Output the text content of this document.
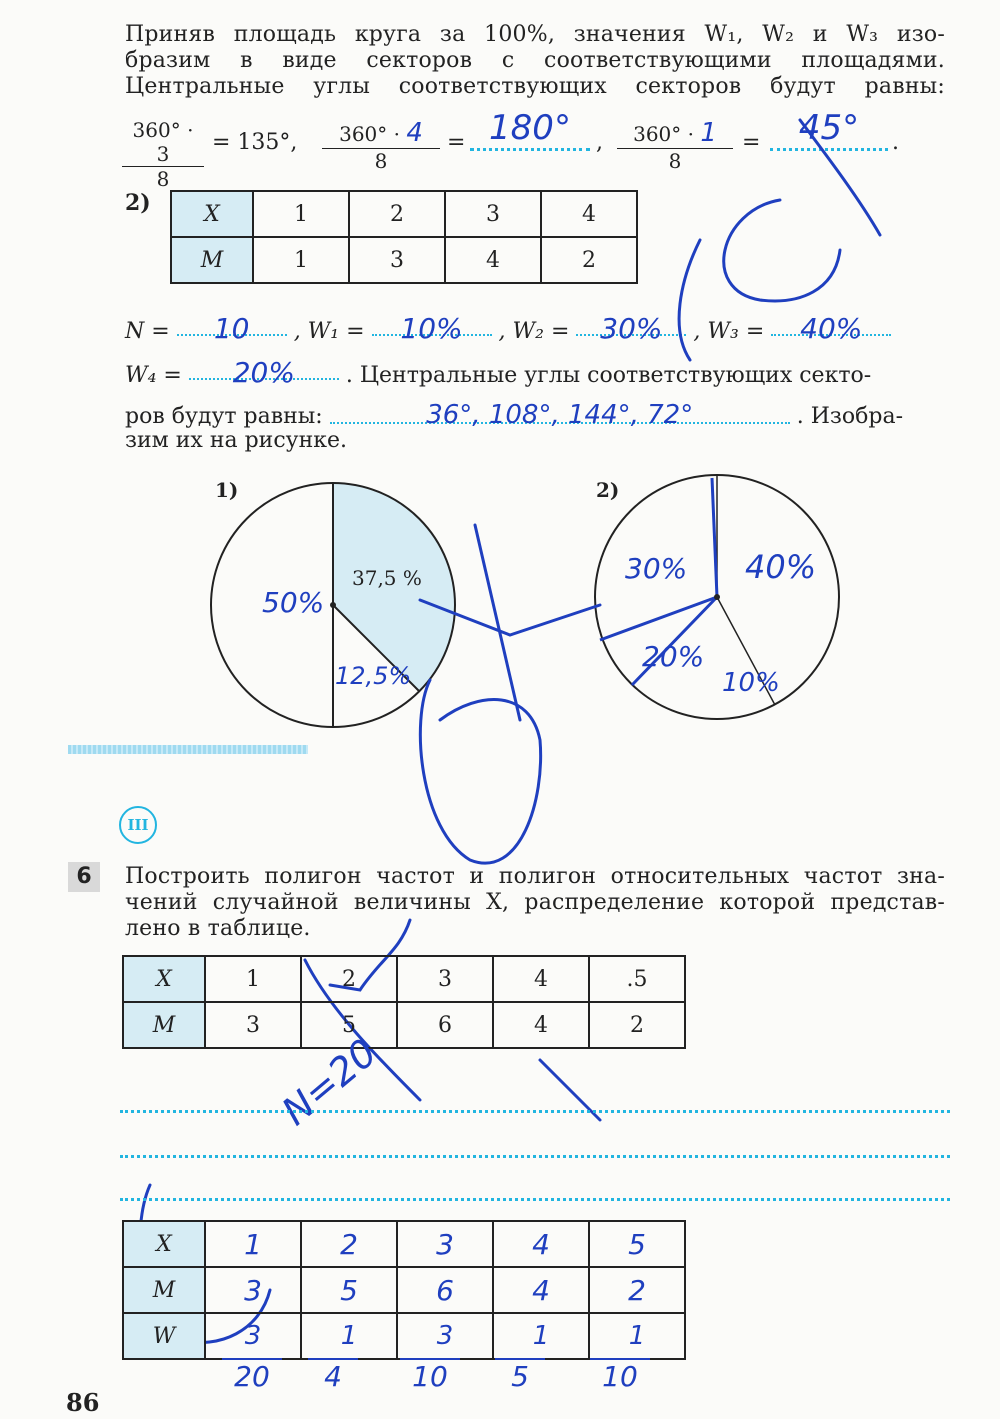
Приняв площадь круга за 100%, значения W₁, W₂ и W₃ изо-
бразим в виде секторов с соответствующими площадями.
Центральные углы соответствующих секторов будут равны:
$\frac{360^\circ \cdot 3}{8} = 135^\circ$, $\frac{360^\circ \cdot 4}{8} = 180^\circ$	, $\frac{360^\circ \cdot 1}{8}$ =	45°	.
2) X	1	2	3	4
M	1	3	4	2
N = 10 , W₁ = 10% , W₂ = 30% , W₃ = 40%
W₄ = 20% . Центральные углы соответствующих секто-
ров будут равны:	36°, 108°, 144°, 72°	. Изобра-
зим их на рисунке.
1)
37,5 %
50%
12,5%
2)
30% 40%
20%
10%
III
6	Построить полигон частот и полигон относительных частот зна-
чений случайной величины X, распределение которой представ-
лено в таблице.
X	1	2	3	4	.5
M	3	5	6	4	2
N=20
X	1	2	3	4	5
M	3	5	6	4	2
W	3	1	3	1	1
20	4	10	5	10
86
